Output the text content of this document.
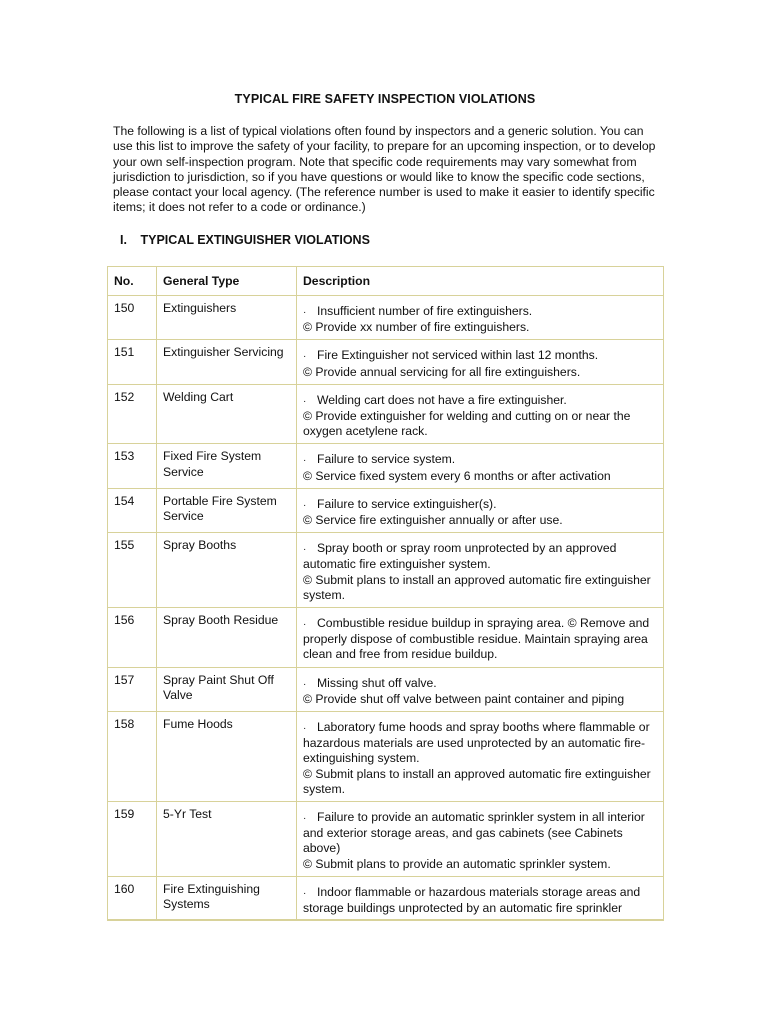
TYPICAL FIRE SAFETY INSPECTION VIOLATIONS
The following is a list of typical violations often found by inspectors and a generic solution. You can use this list to improve the safety of your facility, to prepare for an upcoming inspection, or to develop your own self-inspection program. Note that specific code requirements may vary somewhat from jurisdiction to jurisdiction, so if you have questions or would like to know the specific code sections, please contact your local agency. (The reference number is used to make it easier to identify specific items; it does not refer to a code or ordinance.)
I. TYPICAL EXTINGUISHER VIOLATIONS
No.	General Type	Description
150	Extinguishers	· Insufficient number of fire extinguishers.
© Provide xx number of fire extinguishers.

151	Extinguisher Servicing	· Fire Extinguisher not serviced within last 12 months.
© Provide annual servicing for all fire extinguishers.

152	Welding Cart	· Welding cart does not have a fire extinguisher.
© Provide extinguisher for welding and cutting on or near the oxygen acetylene rack.

153	Fixed Fire System Service	· Failure to service system.
© Service fixed system every 6 months or after activation

154	Portable Fire System Service	· Failure to service extinguisher(s).
© Service fire extinguisher annually or after use.

155	Spray Booths	· Spray booth or spray room unprotected by an approved automatic fire extinguisher system.
© Submit plans to install an approved automatic fire extinguisher system.

156	Spray Booth Residue	· Combustible residue buildup in spraying area. © Remove and properly dispose of combustible residue. Maintain spraying area clean and free from residue buildup.

157	Spray Paint Shut Off Valve	· Missing shut off valve.
© Provide shut off valve between paint container and piping

158	Fume Hoods	· Laboratory fume hoods and spray booths where flammable or hazardous materials are used unprotected by an automatic fire-extinguishing system.
© Submit plans to install an approved automatic fire extinguisher system.

159	5-Yr Test	· Failure to provide an automatic sprinkler system in all interior and exterior storage areas, and gas cabinets (see Cabinets above)
© Submit plans to provide an automatic sprinkler system.

160	Fire Extinguishing Systems	· Indoor flammable or hazardous materials storage areas and storage buildings unprotected by an automatic fire sprinkler
